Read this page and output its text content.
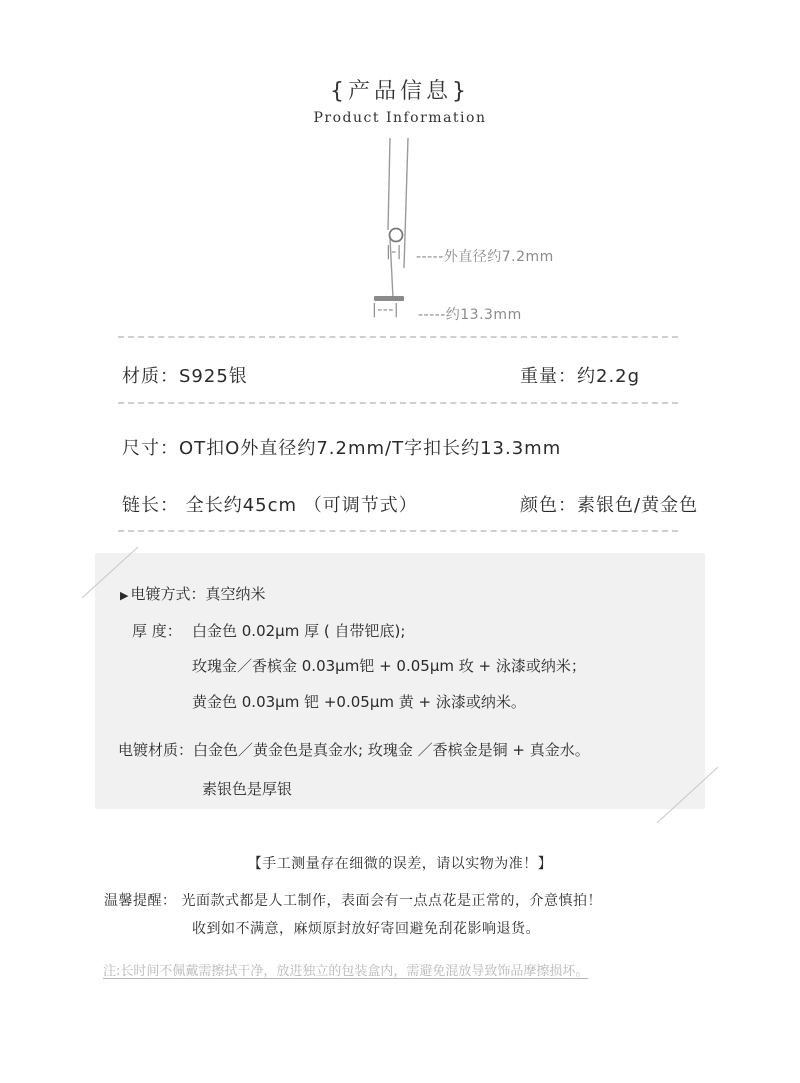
{产品信息}
Product Information
|-| -----外直径约7.2mm
|---| -----约13.3mm
材质：S925银	重量：约2.2g
尺寸：OT扣O外直径约7.2mm/T字扣长约13.3mm
链长： 全长约45cm （可调节式）	颜色：素银色/黄金色
▶ 电镀方式：真空纳米
厚 度： 白金色 0.02μm 厚 ( 自带钯底);
玫瑰金／香槟金 0.03μm钯 + 0.05μm 玫 + 泳漆或纳米；
黄金色 0.03μm 钯 +0.05μm 黄 + 泳漆或纳米。
电镀材质：白金色／黄金色是真金水; 玫瑰金 ／香槟金是铜 + 真金水。
素银色是厚银
【手工测量存在细微的误差，请以实物为准！】
温馨提醒： 光面款式都是人工制作，表面会有一点点花是正常的，介意慎拍！
收到如不满意，麻烦原封放好寄回避免刮花影响退货。
注:长时间不佩戴需擦拭干净，放进独立的包装盒内，需避免混放导致饰品摩擦损坏。
